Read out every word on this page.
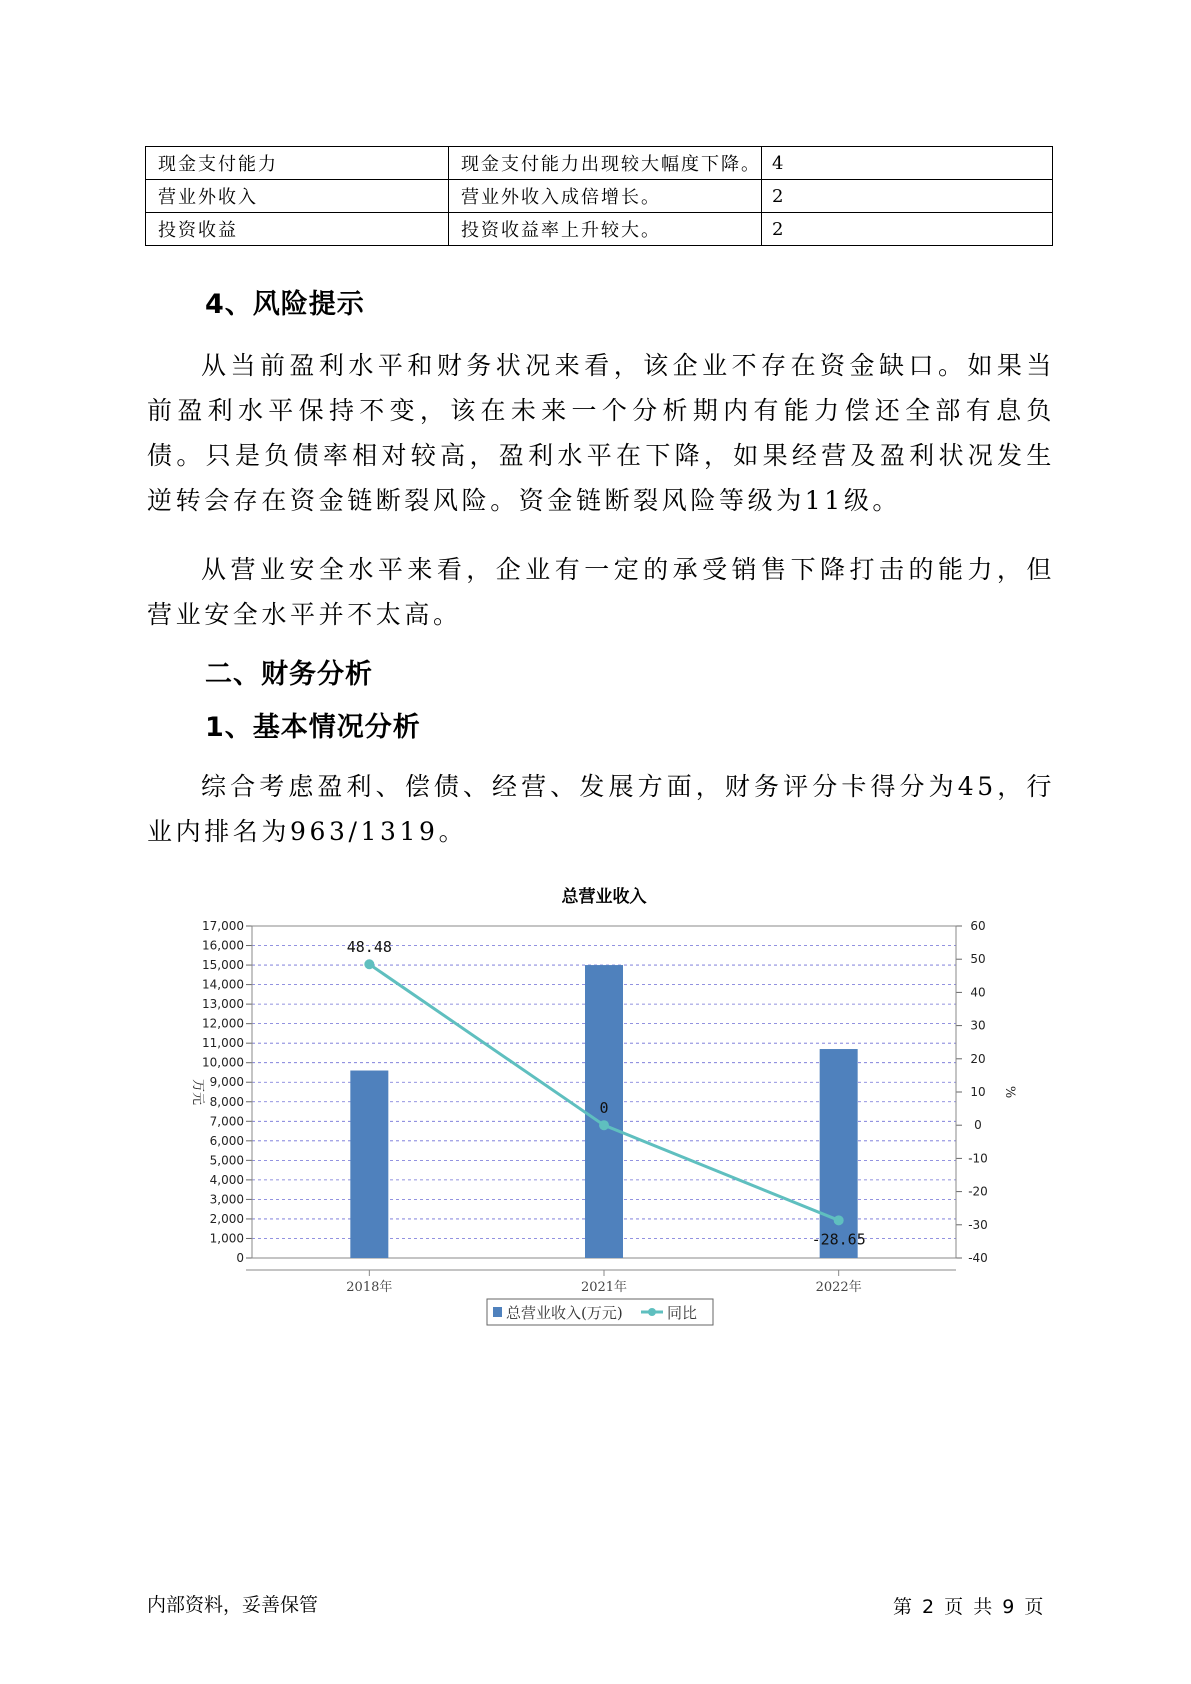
现金支付能力	现金支付能力出现较大幅度下降。	4
营业外收入	营业外收入成倍增长。	2
投资收益	投资收益率上升较大。	2
4、风险提示

从当前盈利水平和财务状况来看，该企业不存在资金缺口。如果当前盈利水平保持不变，该在未来一个分析期内有能力偿还全部有息负债。只是负债率相对较高，盈利水平在下降，如果经营及盈利状况发生逆转会存在资金链断裂风险。资金链断裂风险等级为11级。

从营业安全水平来看，企业有一定的承受销售下降打击的能力，但营业安全水平并不太高。

二、财务分析
1、基本情况分析

综合考虑盈利、偿债、经营、发展方面，财务评分卡得分为45，行业内排名为963/1319。

总营业收入
0
1,000
2,000
3,000
4,000
5,000
6,000
7,000
8,000
9,000
10,000
11,000
12,000
13,000
14,000
15,000
16,000
17,000
-40
-30
-20
-10
0
10
20
30
40
50
60
2018年	2021年	2022年
万元	%
48.48
0
-28.65
总营业收入(万元)	同比
内部资料，妥善保管	第 2 页 共 9 页
